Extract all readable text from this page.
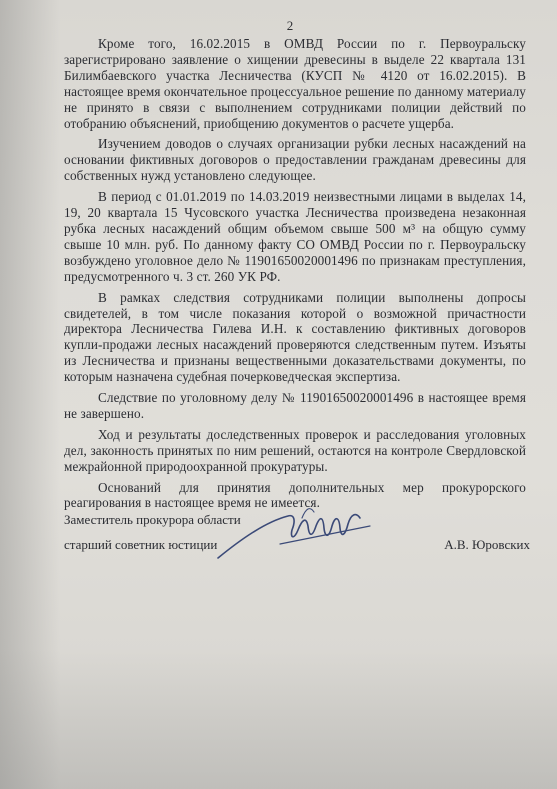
2

Кроме того, 16.02.2015 в ОМВД России по г. Первоуральску зарегистрировано заявление о хищении древесины в выделе 22 квартала 131 Билимбаевского участка Лесничества (КУСП № 4120 от 16.02.2015). В настоящее время окончательное процессуальное решение по данному материалу не принято в связи с выполнением сотрудниками полиции действий по отобранию объяснений, приобщению документов о расчете ущерба.

Изучением доводов о случаях организации рубки лесных насаждений на основании фиктивных договоров о предоставлении гражданам древесины для собственных нужд установлено следующее.

В период с 01.01.2019 по 14.03.2019 неизвестными лицами в выделах 14, 19, 20 квартала 15 Чусовского участка Лесничества произведена незаконная рубка лесных насаждений общим объемом свыше 500 м³ на общую сумму свыше 10 млн. руб. По данному факту СО ОМВД России по г. Первоуральску возбуждено уголовное дело № 11901650020001496 по признакам преступления, предусмотренного ч. 3 ст. 260 УК РФ.

В рамках следствия сотрудниками полиции выполнены допросы свидетелей, в том числе показания которой о возможной причастности директора Лесничества Гилева И.Н. к составлению фиктивных договоров купли-продажи лесных насаждений проверяются следственным путем. Изъяты из Лесничества и признаны вещественными доказательствами документы, по которым назначена судебная почерковедческая экспертиза.

Следствие по уголовному делу № 11901650020001496 в настоящее время не завершено.

Ход и результаты доследственных проверок и расследования уголовных дел, законность принятых по ним решений, остаются на контроле Свердловской межрайонной природоохранной прокуратуры.

Оснований для принятия дополнительных мер прокурорского реагирования в настоящее время не имеется.

Заместитель прокурора области
старший советник юстиции	А.В. Юровских
